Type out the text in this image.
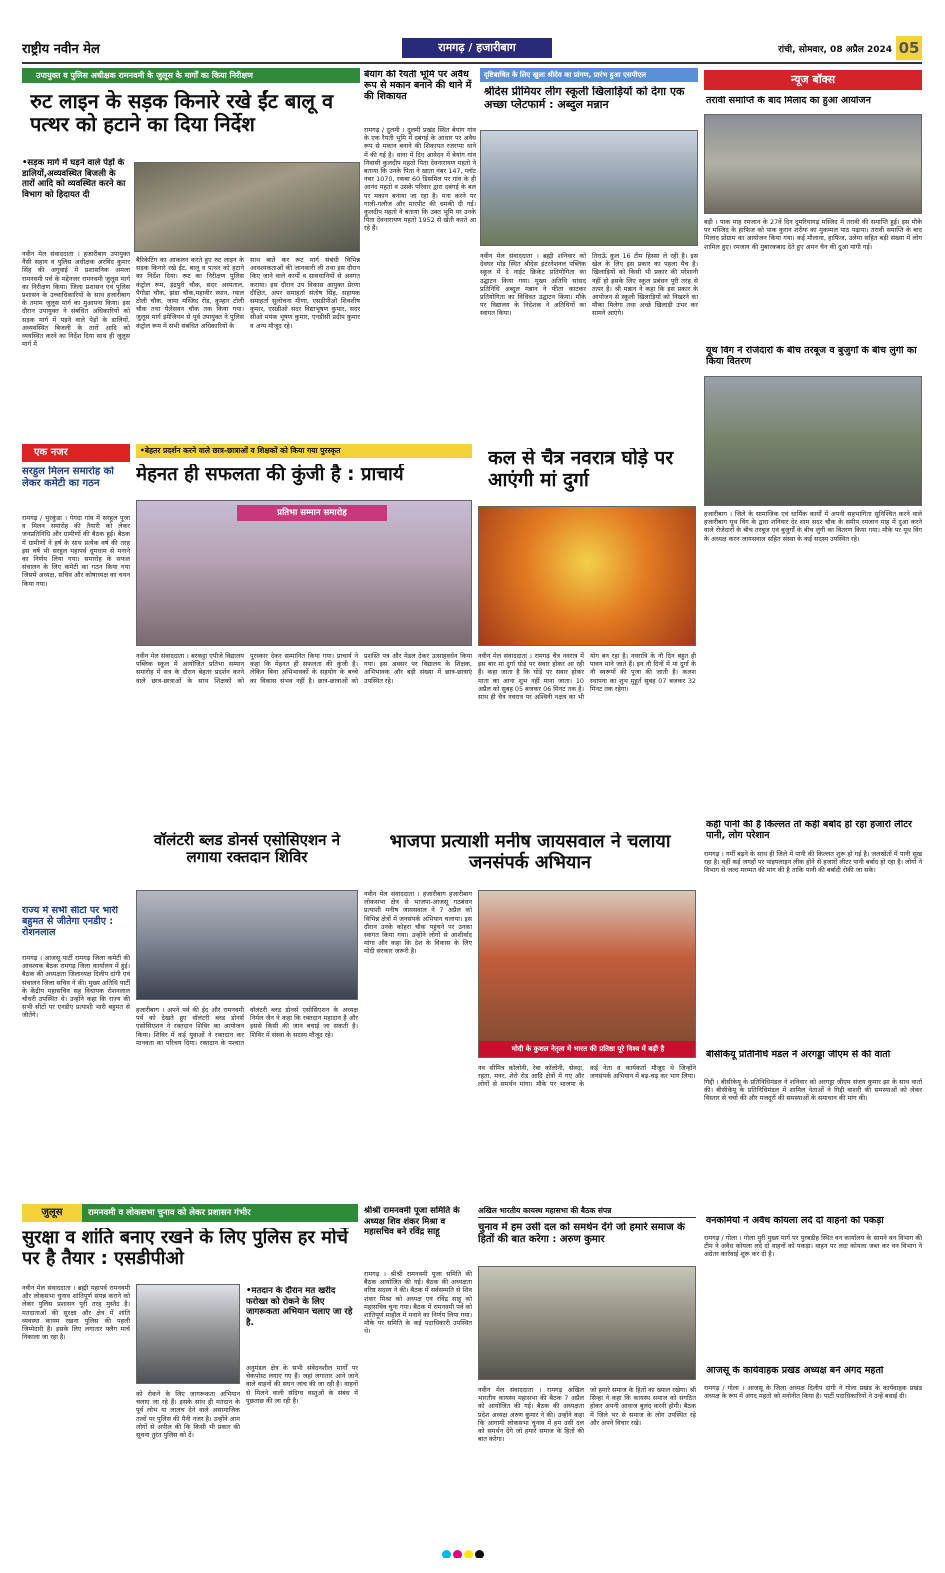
राष्ट्रीय नवीन मेल	रामगढ़ / हजारीबाग	रांची, सोमवार, 08 अप्रैल 2024 05
उपायुक्त व पुलिस अधीक्षक रामनवमी के जुलूस के मार्गों का किया निरीक्षण
रुट लाइन के सड़क किनारे रखे ईंट बालू व पत्थर को हटाने का दिया निर्देश
•सड़क मार्ग में घड़ने वाले पेड़ों के डालियों,अव्यवस्थित बिजली के तारों आदि को व्यवस्थित करने का विभाग को हिदायत दी
नवीन मेल संवाददाता । हजारीबाग उपायुक्त नैंसी सहाय व पुलिस अधीक्षक अरविंद कुमार सिंह की अगुवाई में प्रशासनिक अमला रामनवमी पर्व के मद्देनजर रामनवमी जुलूस मार्ग का निरीक्षण किया। जिला प्रशासन एवं पुलिस प्रशासन के उच्चाधिकारियों के साथ हजारीबाग के तमाम जुलूस मार्ग का मुआयना किया। इस दौरान उपायुक्त ने संबंधित अधिकारियों को सड़क मार्ग में पड़ने वाले पेड़ों के डालियों, अव्यवस्थित बिजली के तारों आदि को व्यवस्थित करने का निर्देश दिया साथ ही जुलूस मार्ग में
बैरिकेटिंग का आकलन करते हुए रुट लाइन के सड़क किनारे रखे ईंट, बालू व पत्थर को हटाने का निर्देश दिया। रूट का निरीक्षण पुलिस कंट्रोल रूम, इंद्रपुरी चौक, सदर अस्पताल, पैगोडा चौक, झंडा चौक,महावीर स्थान, ग्वाल टोली चौक, जामा मस्जिद रोड, कुम्हार टोली चौक तथा पैलेसवन चौक तक किया गया। जुलूस मार्ग इमेजियम से पूर्व उपायुक्त ने पुलिस कंट्रोल रूम में सभी संबंधित अधिकारियों के
साथ बातें कर रूट मार्ग संबंधी विभिन्न आवश्यकताओं की जानकारी ली तथा इस दौरान किए जाने वाले कार्यों व सावधानियों से अवगत कराया। इस दौरान उप विकास आयुक्त प्रेरणा दीक्षित, अपर समाहर्ता संतोष सिंह, सहायक समाहर्ता सुलोचना मीणा, एसडीपीओ शिवशीष कुमार, एसडीओ सदर विद्याभूषण कुमार, सदर सीओ मयंक भूषण कुमार, एनडीसी प्रदीप कुमार व अन्य मौजूद रहे।
बेयांग की रैयती भूमि पर अवैध रूप से मकान बनाने की थाने में की शिकायत
रामगढ़ / दुलमी । दुलमी प्रखंड स्थित बेयांग गांव के एक रैयती भूमि में दबंगई के आधार पर अवैध रूप से मकान बनाने की शिकायत रजरप्पा थाने में की गई है। थाना में दिए आवेदन में बेयांग गांव निवासी कुलदीप महतो पिता देवनारायण महतो ने बताया कि उनके पिता ने खाता नंबर 147, प्लॉट नंबर 1070, रकबा 60 डिसमिल पर गांव के ही आनंद महतो व उसके परिवार द्वारा दबंगई के बल पर मकान बनाया जा रहा है। मना करने पर गाली-गलौज और मारपीट की धमकी दी गई। कुलदीप महतो ने बताया कि उक्त भूमि पर उनके पिता देवनारायण महतो 1952 से खेती करते आ रहे हैं।
दृष्टिबाधित के लिए खुला श्रीदेव का प्रांगण, प्रारंभ हुआ एसपीएल
श्रीदेस प्रीमियर लीग स्कूली खिलाड़ियों को देगा एक अच्छा प्लेटफार्म : अब्दुल मन्नान
नवीन मेल संवाददाता । ब्रह्मी शनिवार को देवघर मोड़ स्थित श्रीदेस इंटरनेशनल पब्लिक स्कूल में दे नाईट क्रिकेट प्रतियोगिता का उद्घाटन किया गया। मुख्य अतिथि सांसद प्रतिनिधि अब्दुल मन्नान ने फीता काटकर प्रतियोगिता का विधिवत उद्घाटन किया। मौके पर विद्यालय के निदेशक ने अतिथियों का स्वागत किया।
तिराऊँ कुल 16 टीम हिस्सा ले रही है। इस खेल के लिए इस प्रकार का पहला मैच है। खिलाड़ियों को किसी भी प्रकार की परेशानी नहीं हो इसके लिए स्कूल प्रबंधन पूरी तरह से तत्पर है। श्री मन्नान ने कहा कि इस प्रकार के आयोजन से स्कूली खिलाड़ियों को निखरने का मौका मिलेगा तथा अच्छे खिलाड़ी उभर कर सामने आएंगे।
न्यूज बॉक्स
तरावी समाप्ति के बाद मिलाद का हुआ आयोजन
बड़ी । पाक माह रमजान के 27वें दिन दुमरियागढ़ मस्जिद में तरावी की समाप्ति हुई। इस मौके पर मस्जिद के हाफिज को पाक कुरान शरीफ का मुकम्मल पाठ पढ़ाया। तरावी समाप्ति के बाद मिलाद प्रोग्राम का आयोजन किया गया। कई मौलाना, हाफिज, उलेमा सहित बड़ी संख्या में लोग शामिल हुए। रमजान की मुबारकबाद देते हुए अमन चैन की दुआ मांगी गई।
यूथ विंग ने रोजेदारों के बीच तरबूज व बुजुर्गों के बीच लुंगी का किया वितरण
हजारीबाग । जिले के सामाजिक एवं धार्मिक कार्यों में अपनी सहभागिता सुनिश्चित करने वाले हजारीबाग यूथ विंग के द्वारा शनिवार देर शाम सदर चौक के समीप रमजान माह में दुआ करने वाले रोजेदारों के बीच तरबूज एवं बुजुर्गों के बीच लुंगी का वितरण किया गया। मौके पर यूथ विंग के अध्यक्ष करन जायसवाल सहित संस्था के कई सदस्य उपस्थित रहे।
कहीं पानी की है किल्लत तो कहीं बर्बाद हो रहा हजारों लीटर पानी, लोग परेशान
रामगढ़ । गर्मी बढ़ने के साथ ही जिले में पानी की किल्लत शुरू हो गई है। जलस्रोतों में पानी सूख रहा है। वहीं कई जगहों पर पाइपलाइन लीक होने से हजारों लीटर पानी बर्बाद हो रहा है। लोगों ने विभाग से जल्द मरम्मत की मांग की है ताकि पानी की बर्बादी रोकी जा सके।
बीसीकेयू प्रतिनिधि मंडल ने अरगड्डा जीएम से की वार्ता
गिद्दी । बीसीकेयू के प्रतिनिधिमंडल ने शनिवार को अरगड्डा जीएम संजय कुमार झा के साथ वार्ता की। बीसीकेयू के प्रतिनिधिमंडल में शामिल नेताओं ने गिद्दी वाशरी की समस्याओं को लेकर विस्तार से चर्चा की और मजदूरों की समस्याओं के समाधान की मांग की।
वनकर्मियों ने अवैध कोयला लदे दो वाहनों को पकड़ा
रामगढ़ / गोला । गोला मुरी मुख्य मार्ग पर पुरबडीह स्थित वन कार्यालय के सामने वन विभाग की टीम ने अवैध कोयला लदे दो वाहनों को पकड़ा। वाहन पर लदा कोयला जब्त कर वन विभाग ने अग्रेतर कार्रवाई शुरू कर दी है।
आजसू के कार्यवाहक प्रखंड अध्यक्ष बने अंगद महतो
रामगढ़ / गोला । आजसू के जिला अध्यक्ष दिलीप दांगी ने गोला प्रखंड के कार्यवाहक प्रखंड अध्यक्ष के रूप में अंगद महतो को मनोनीत किया है। पार्टी पदाधिकारियों ने उन्हें बधाई दी।
एक नजर
सरहुल मिलन समारोह को लेकर कमेटी का गठन
रामगढ़ / भुरकुंडा । गेगदा गांव में सरहुल पूजा व मिलन समारोह की तैयारी को लेकर जनप्रतिनिधि और ग्रामीणों की बैठक हुई। बैठक में ग्रामीणों ने हर्ष के साथ प्रत्येक वर्ष की तरह इस वर्ष भी सरहुल महापर्व धूमधाम से मनाने का निर्णय लिया गया। समारोह के सफल संचालन के लिए कमेटी का गठन किया गया जिसमें अध्यक्ष, सचिव और कोषाध्यक्ष का चयन किया गया।
राज्य में सभी सीटों पर भारी बहुमत से जीतेगा एनडीए : रोशनलाल
रामगढ़ । आजसू पार्टी रामगढ़ जिला कमेटी की आवश्यक बैठक रामगढ़ जिला कार्यालय में हुई। बैठक की अध्यक्षता जिलाध्यक्ष दिलीप दांगी एवं संचालन जिला सचिव ने की। मुख्य अतिथि पार्टी के केंद्रीय महासचिव सह विधायक रोशनलाल चौधरी उपस्थित थे। उन्होंने कहा कि राज्य की सभी सीटों पर एनडीए प्रत्याशी भारी बहुमत से जीतेंगे।
•बेहतर प्रदर्शन करने वाले छात्र-छात्राओं व शिक्षकों को किया गया पुरस्कृत
मेहनत ही सफलता की कुंजी है : प्राचार्य
प्रतिभा सम्मान समारोह
नवीन मेल संवाददाता । बरकट्ठा एपीजे विद्यालय पब्लिक स्कूल में आयोजित प्रतिभा सम्मान समारोह में सत्र के दौरान बेहतर प्रदर्शन करने वाले छात्र-छात्राओं के साथ शिक्षकों को पुरस्कार देकर सम्मानित किया गया। प्राचार्य ने कहा कि मेहनत ही सफलता की कुंजी है। लेकिन बिना अभिभावकों के सहयोग के बच्चे का विकास संभव नहीं है। छात्र-छात्राओं को प्रशस्ति पत्र और मेडल देकर उत्साहवर्धन किया गया। इस अवसर पर विद्यालय के शिक्षक, अभिभावक और बड़ी संख्या में छात्र-छात्राएं उपस्थित रहे।
कल से चैत्र नवरात्र घोड़े पर आएंगी मां दुर्गा
नवीन मेल संवाददाता । रामगढ़ चैत्र नवरात्र में इस बार मां दुर्गा घोड़े पर सवार होकर आ रही हैं। कहा जाता है कि घोड़े पर सवार होकर माता का आना शुभ नहीं माना जाता। 10 अप्रैल को सुबह 05 बजकर 06 मिनट तक है। साथ ही चैत्र नवरात्र पर अश्विनी नक्षत्र का भी योग बन रहा है। नवरात्रि के नौ दिन बहुत ही पावन माने जाते हैं। इन नौ दिनों में मां दुर्गा के नौ स्वरूपों की पूजा की जाती है। कलश स्थापना का शुभ मुहूर्त सुबह 07 बजकर 32 मिनट तक रहेगा।
वॉलंटरी ब्लड डोनर्स एसोसिएशन ने लगाया रक्तदान शिविर
हजारीबाग । अपने पर्व की ईद और रामनवमी पर्व को देखते हुए वॉलंटरी ब्लड डोनर्स एसोसिएशन ने रक्तदान शिविर का आयोजन किया। शिविर में कई युवाओं ने रक्तदान कर मानवता का परिचय दिया। रक्तदान के पश्चात वॉलंटरी ब्लड डोनर्स एसोसिएशन के अध्यक्ष निर्मल जैन ने कहा कि रक्तदान महादान है और इससे किसी की जान बचाई जा सकती है। शिविर में संस्था के सदस्य मौजूद रहे।
भाजपा प्रत्याशी मनीष जायसवाल ने चलाया जनसंपर्क अभियान
नवीन मेल संवाददाता । हजारीबाग हजारीबाग लोकसभा क्षेत्र से भाजपा-आजसू गठबंधन प्रत्याशी मनीष जायसवाल ने 7 अप्रैल को विभिन्न क्षेत्रों में जनसंपर्क अभियान चलाया। इस दौरान उनके कोहरा चौक पहुंचने पर उनका स्वागत किया गया। उन्होंने लोगों से आशीर्वाद मांगा और कहा कि देश के विकास के लिए मोदी सरकार जरूरी है।
मोदी के कुशल नेतृत्व में भारत की प्रतिष्ठा पूरे विश्व में बढ़ी है
नव सीमित्र कॉलोनी, रेबा कॉलोनी, सेवदा, रहता, मनर, शेरो रोड आदि क्षेत्रों में गए और लोगों से समर्थन मांगा। मौके पर भाजपा के कई नेता व कार्यकर्ता मौजूद थे जिन्होंने जनसंपर्क अभियान में बढ़-चढ़ कर भाग लिया।
जुलूस	रामनवमी व लोकसभा चुनाव को लेकर प्रशासन गंभीर
सुरक्षा व शांति बनाए रखने के लिए पुलिस हर मोर्चे पर है तैयार : एसडीपीओ
नवीन मेल संवाददाता । ब्रह्मी महापर्व रामनवमी और लोकसभा चुनाव शांतिपूर्ण संपन्न कराने को लेकर पुलिस प्रशासन पूरी तरह मुस्तैद है। मतदाताओं की सुरक्षा और क्षेत्र में शांति व्यवस्था कायम रखना पुलिस की पहली जिम्मेदारी है। इसके लिए लगातार फ्लैग मार्च निकाला जा रहा है।
•मतदान के दौरान मत खरीद फरोख्त को रोकने के लिए जागरूकता अभियान चलाए जा रहे है.
को रोकने के लिए जागरूकता अभियान चलाए जा रहे हैं। इसके साथ ही मतदान के पूर्व लोभ या लालच देने वाले असामाजिक तत्वों पर पुलिस की पैनी नजर है। उन्होंने आम लोगों से अपील की कि किसी भी प्रकार की सूचना तुरंत पुलिस को दें।
अनुमंडल क्षेत्र के सभी संवेदनशील मार्गों पर चेकपोस्ट लगाए गए हैं। जहां लगातार आने जाने वाले वाहनों की सघन जांच की जा रही है। वाहनों से मिलने वाली संदिग्ध वस्तुओं के संबंध में पूछताछ की जा रही है।
श्रीश्री रामनवमी पूजा समिति के अध्यक्ष शिव शंकर मिश्रा व महासचिव बने रविंद्र साहू
रामगढ़ । श्रीश्री रामनवमी पूजा समिति की बैठक आयोजित की गई। बैठक की अध्यक्षता वरिष्ठ सदस्य ने की। बैठक में सर्वसम्मति से शिव शंकर मिश्रा को अध्यक्ष एवं रविंद्र साहू को महासचिव चुना गया। बैठक में रामनवमी पर्व को शांतिपूर्ण माहौल में मनाने का निर्णय लिया गया। मौके पर समिति के कई पदाधिकारी उपस्थित थे।
अखिल भारतीय कायस्थ महासभा की बैठक संपन्न
चुनाव में हम उसी दल को समर्थन देंगे जो हमारे समाज के हितों की बात करेगा : अरुण कुमार
नवीन मेल संवाददाता । रामगढ़ अखिल भारतीय कायस्थ महासभा की बैठक 7 अप्रैल को आयोजित की गई। बैठक की अध्यक्षता प्रदेश अध्यक्ष अरुण कुमार ने की। उन्होंने कहा कि आगामी लोकसभा चुनाव में हम उसी दल को समर्थन देंगे जो हमारे समाज के हितों की बात करेगा।
जो हमारे समाज के हितों का ख्याल रखेगा। श्री सिन्हा ने कहा कि कायस्थ समाज को संगठित होकर अपनी आवाज बुलंद करनी होगी। बैठक में जिले भर से समाज के लोग उपस्थित रहे और अपने विचार रखे।
